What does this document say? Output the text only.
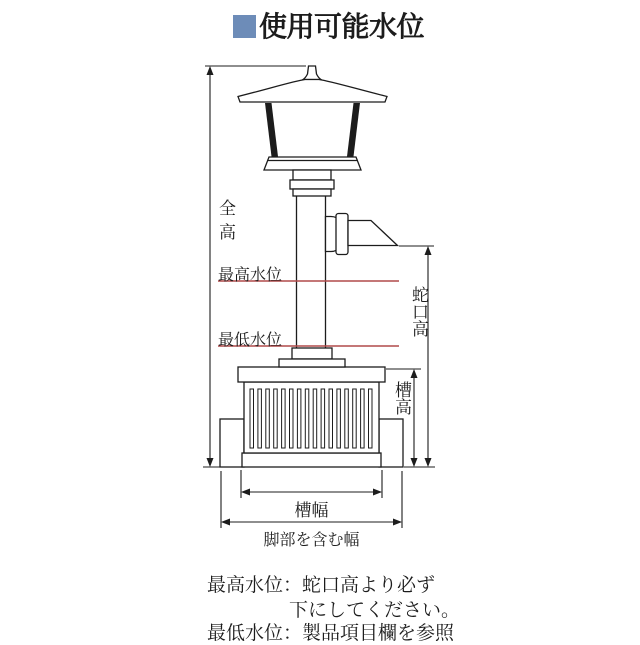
使用可能水位
全高
最高水位
最低水位
蛇口高
槽高
槽幅
脚部を含む幅
最高水位：蛇口高より必ず
下にしてください。
最低水位：製品項目欄を参照
